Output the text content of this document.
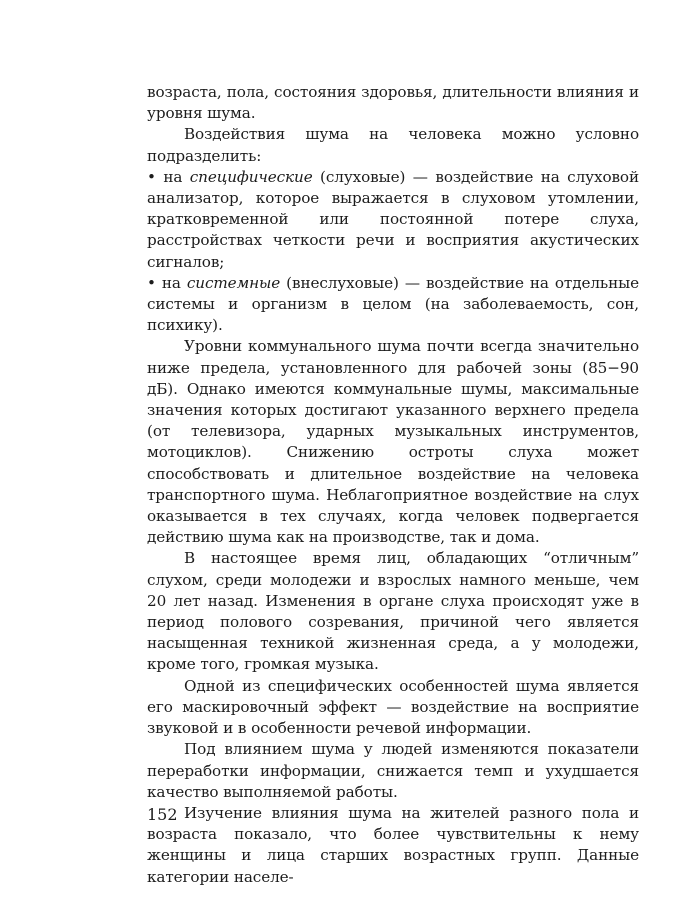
возраста, пола, состояния здоровья, длительности влияния и уровня шума.

Воздействия шума на человека можно условно подразделить:

• на специфические (слуховые) — воздействие на слуховой анализатор, которое выражается в слуховом утомлении, кратковременной или постоянной потере слуха, расстройствах четкости речи и восприятия акустических сигналов;

• на системные (внеслуховые) — воздействие на отдельные системы и организм в целом (на заболеваемость, сон, психику).

Уровни коммунального шума почти всегда значительно ниже предела, установленного для рабочей зоны (85−90 дБ). Однако имеются коммунальные шумы, максимальные значения которых достигают указанного верхнего предела (от телевизора, ударных музыкальных инструментов, мотоциклов). Снижению остроты слуха может способствовать и длительное воздействие на человека транспортного шума. Неблагоприятное воздействие на слух оказывается в тех случаях, когда человек подвергается действию шума как на производстве, так и дома.

В настоящее время лиц, обладающих “отличным” слухом, среди молодежи и взрослых намного меньше, чем 20 лет назад. Изменения в органе слуха происходят уже в период полового созревания, причиной чего является насыщенная техникой жизненная среда, а у молодежи, кроме того, громкая музыка.

Одной из специфических особенностей шума является его маскировочный эффект — воздействие на восприятие звуковой и в особенности речевой информации.

Под влиянием шума у людей изменяются показатели переработки информации, снижается темп и ухудшается качество выполняемой работы.

Изучение влияния шума на жителей разного пола и возраста показало, что более чувствительны к нему женщины и лица старших возрастных групп. Данные категории населе-

152
